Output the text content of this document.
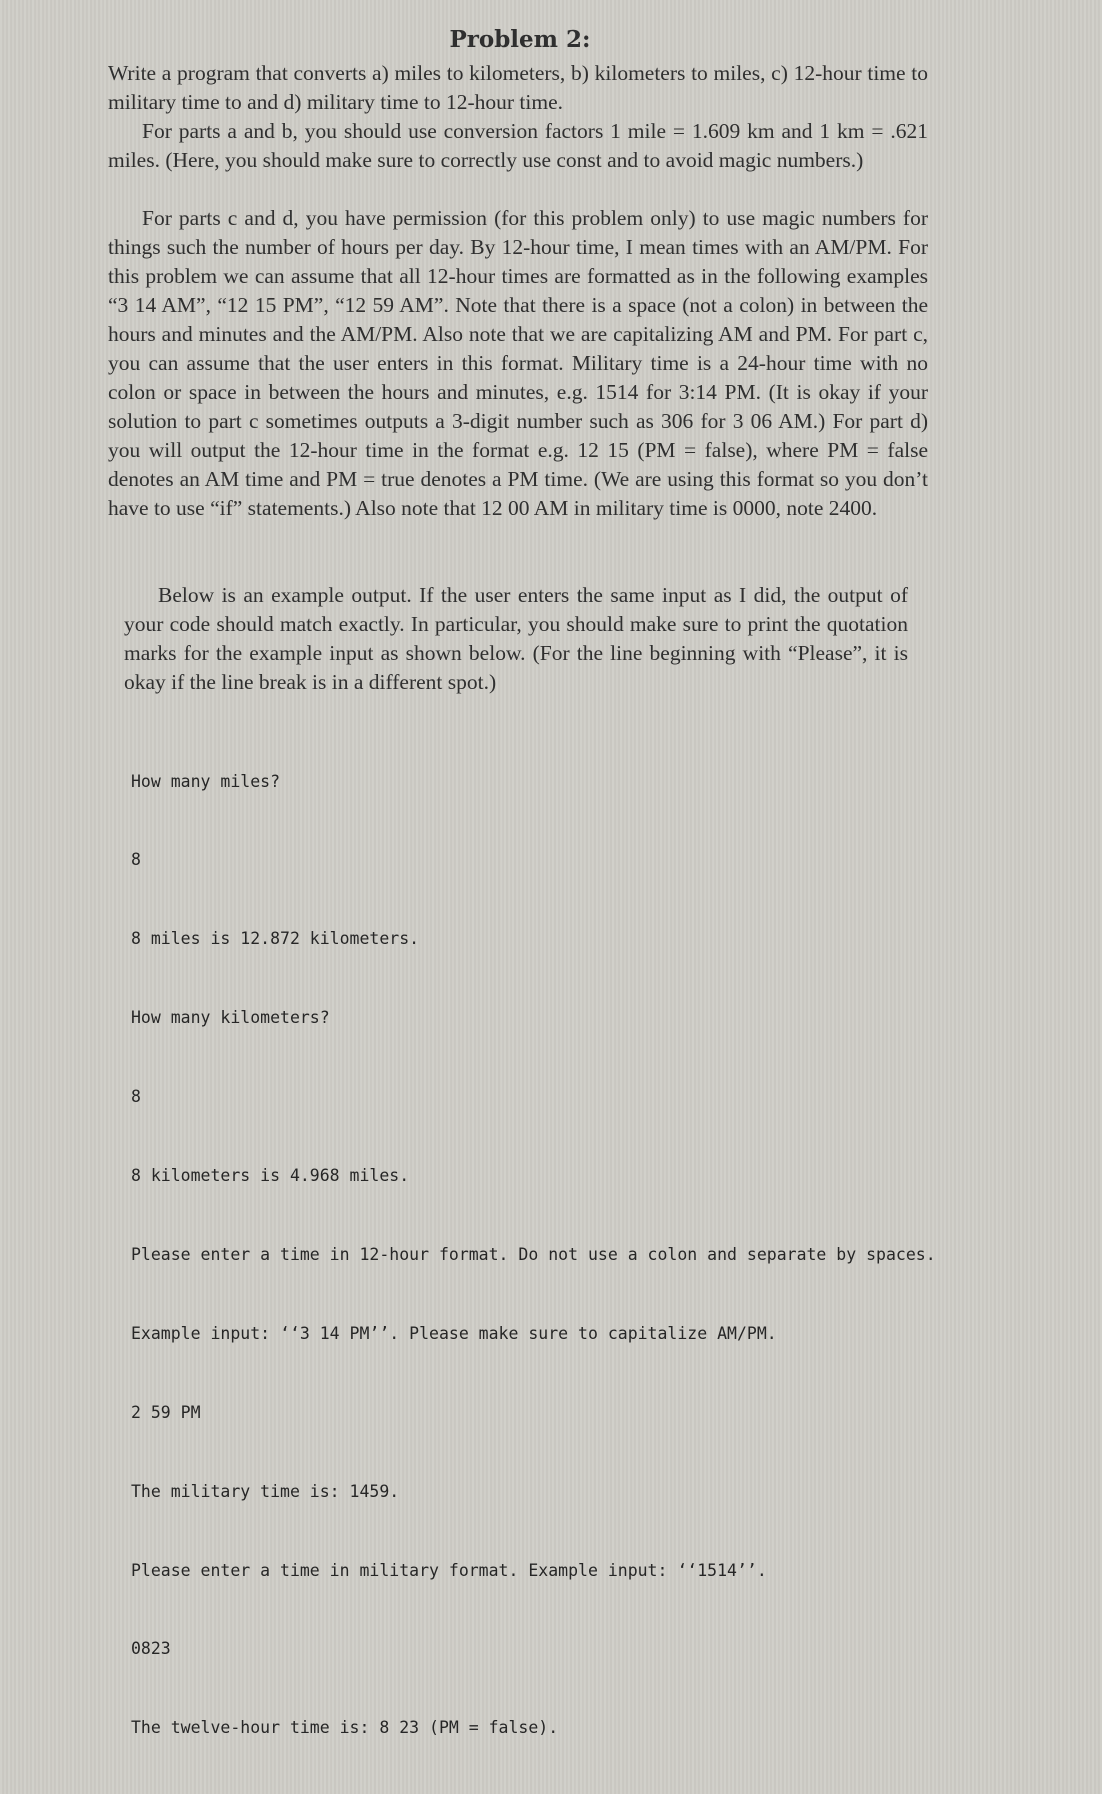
Problem 2:
Write a program that converts a) miles to kilometers, b) kilometers to miles, c) 12-hour time to military time to and d) military time to 12-hour time.
For parts a and b, you should use conversion factors 1 mile = 1.609 km and 1 km = .621 miles. (Here, you should make sure to correctly use const and to avoid magic numbers.)
For parts c and d, you have permission (for this problem only) to use magic numbers for things such the number of hours per day. By 12-hour time, I mean times with an AM/PM. For this problem we can assume that all 12-hour times are formatted as in the following examples “3 14 AM”, “12 15 PM”, “12 59 AM”. Note that there is a space (not a colon) in between the hours and minutes and the AM/PM. Also note that we are capitalizing AM and PM. For part c, you can assume that the user enters in this format. Military time is a 24-hour time with no colon or space in between the hours and minutes, e.g. 1514 for 3:14 PM. (It is okay if your solution to part c sometimes outputs a 3-digit number such as 306 for 3 06 AM.) For part d) you will output the 12-hour time in the format e.g. 12 15 (PM = false), where PM = false denotes an AM time and PM = true denotes a PM time. (We are using this format so you don’t have to use “if” statements.) Also note that 12 00 AM in military time is 0000, note 2400.
Below is an example output. If the user enters the same input as I did, the output of your code should match exactly. In particular, you should make sure to print the quotation marks for the example input as shown below. (For the line beginning with “Please”, it is okay if the line break is in a different spot.)

How many miles?

8

8 miles is 12.872 kilometers.

How many kilometers?

8

8 kilometers is 4.968 miles.

Please enter a time in 12-hour format. Do not use a colon and separate by spaces.

Example input: ‘‘3 14 PM’’. Please make sure to capitalize AM/PM.

2 59 PM

The military time is: 1459.

Please enter a time in military format. Example input: ‘‘1514’’.

0823

The twelve-hour time is: 8 23 (PM = false).
